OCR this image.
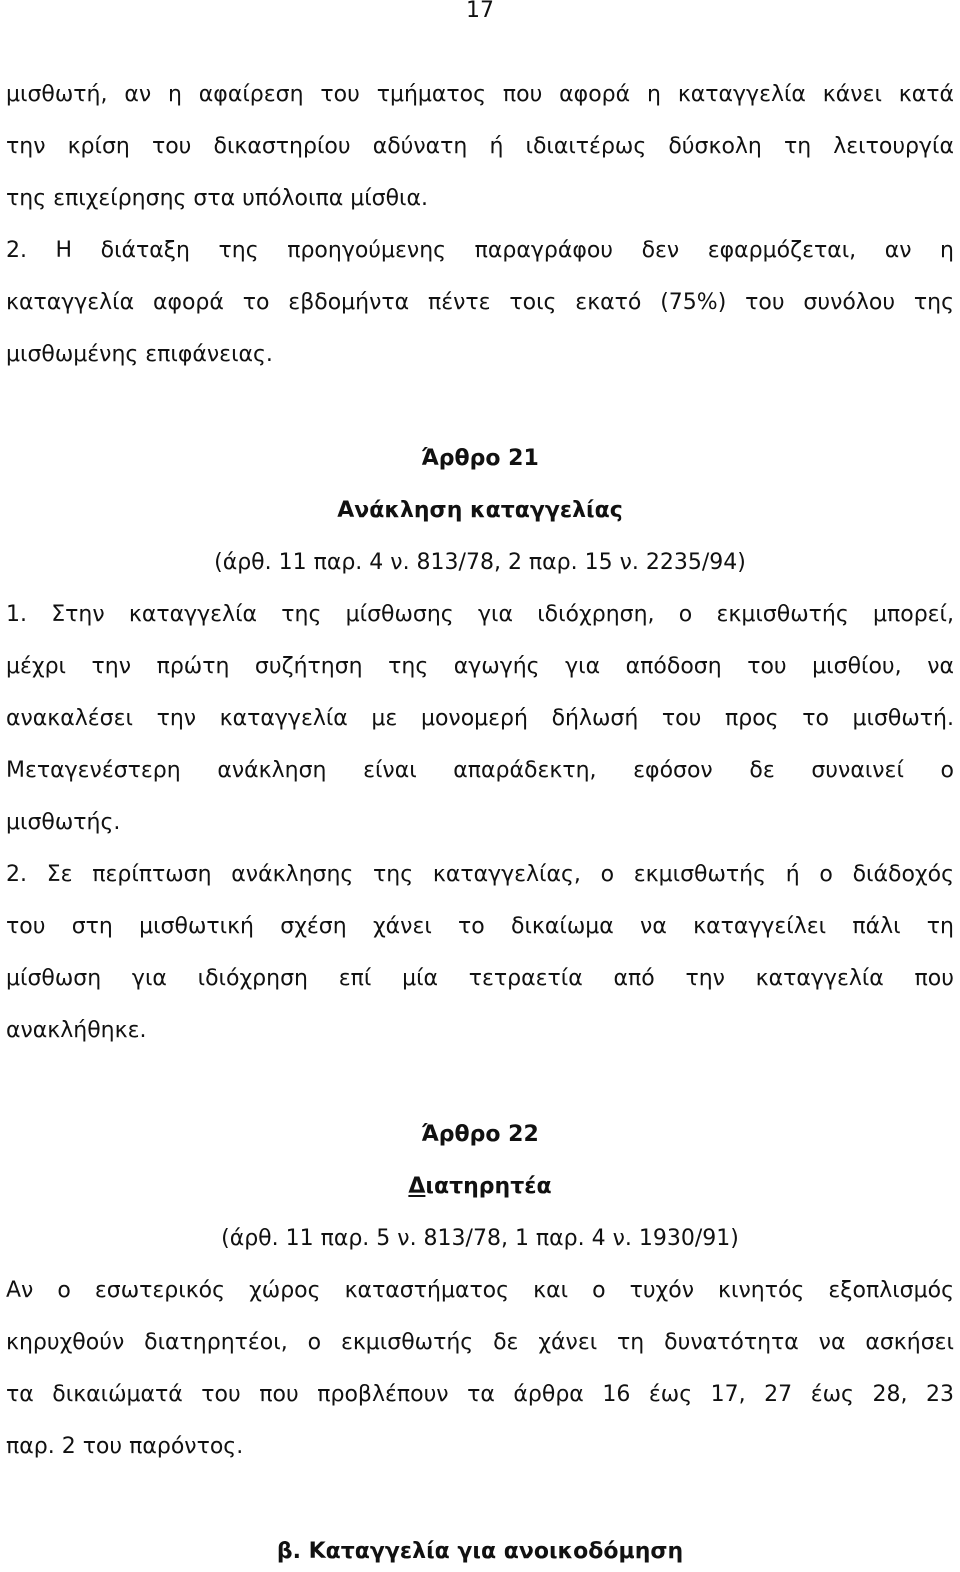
17
μισθωτή, αν η αφαίρεση του τμήματος που αφορά η καταγγελία κάνει κατά
την κρίση του δικαστηρίου αδύνατη ή ιδιαιτέρως δύσκολη τη λειτουργία
της επιχείρησης στα υπόλοιπα μίσθια.
2. Η διάταξη της προηγούμενης παραγράφου δεν εφαρμόζεται, αν η
καταγγελία αφορά το εβδομήντα πέντε τοις εκατό (75%) του συνόλου της
μισθωμένης επιφάνειας.
Άρθρο 21
Ανάκληση καταγγελίας
(άρθ. 11 παρ. 4 ν. 813/78, 2 παρ. 15 ν. 2235/94)
1. Στην καταγγελία της μίσθωσης για ιδιόχρηση, ο εκμισθωτής μπορεί,
μέχρι την πρώτη συζήτηση της αγωγής για απόδοση του μισθίου, να
ανακαλέσει την καταγγελία με μονομερή δήλωσή του προς το μισθωτή.
Μεταγενέστερη ανάκληση είναι απαράδεκτη, εφόσον δε συναινεί ο
μισθωτής.
2. Σε περίπτωση ανάκλησης της καταγγελίας, ο εκμισθωτής ή ο διάδοχός
του στη μισθωτική σχέση χάνει το δικαίωμα να καταγγείλει πάλι τη
μίσθωση για ιδιόχρηση επί μία τετραετία από την καταγγελία που
ανακλήθηκε.
Άρθρο 22
Διατηρητέα
(άρθ. 11 παρ. 5 ν. 813/78, 1 παρ. 4 ν. 1930/91)
Αν ο εσωτερικός χώρος καταστήματος και ο τυχόν κινητός εξοπλισμός
κηρυχθούν διατηρητέοι, ο εκμισθωτής δε χάνει τη δυνατότητα να ασκήσει
τα δικαιώματά του που προβλέπουν τα άρθρα 16 έως 17, 27 έως 28, 23
παρ. 2 του παρόντος.
β. Καταγγελία για ανοικοδόμηση
